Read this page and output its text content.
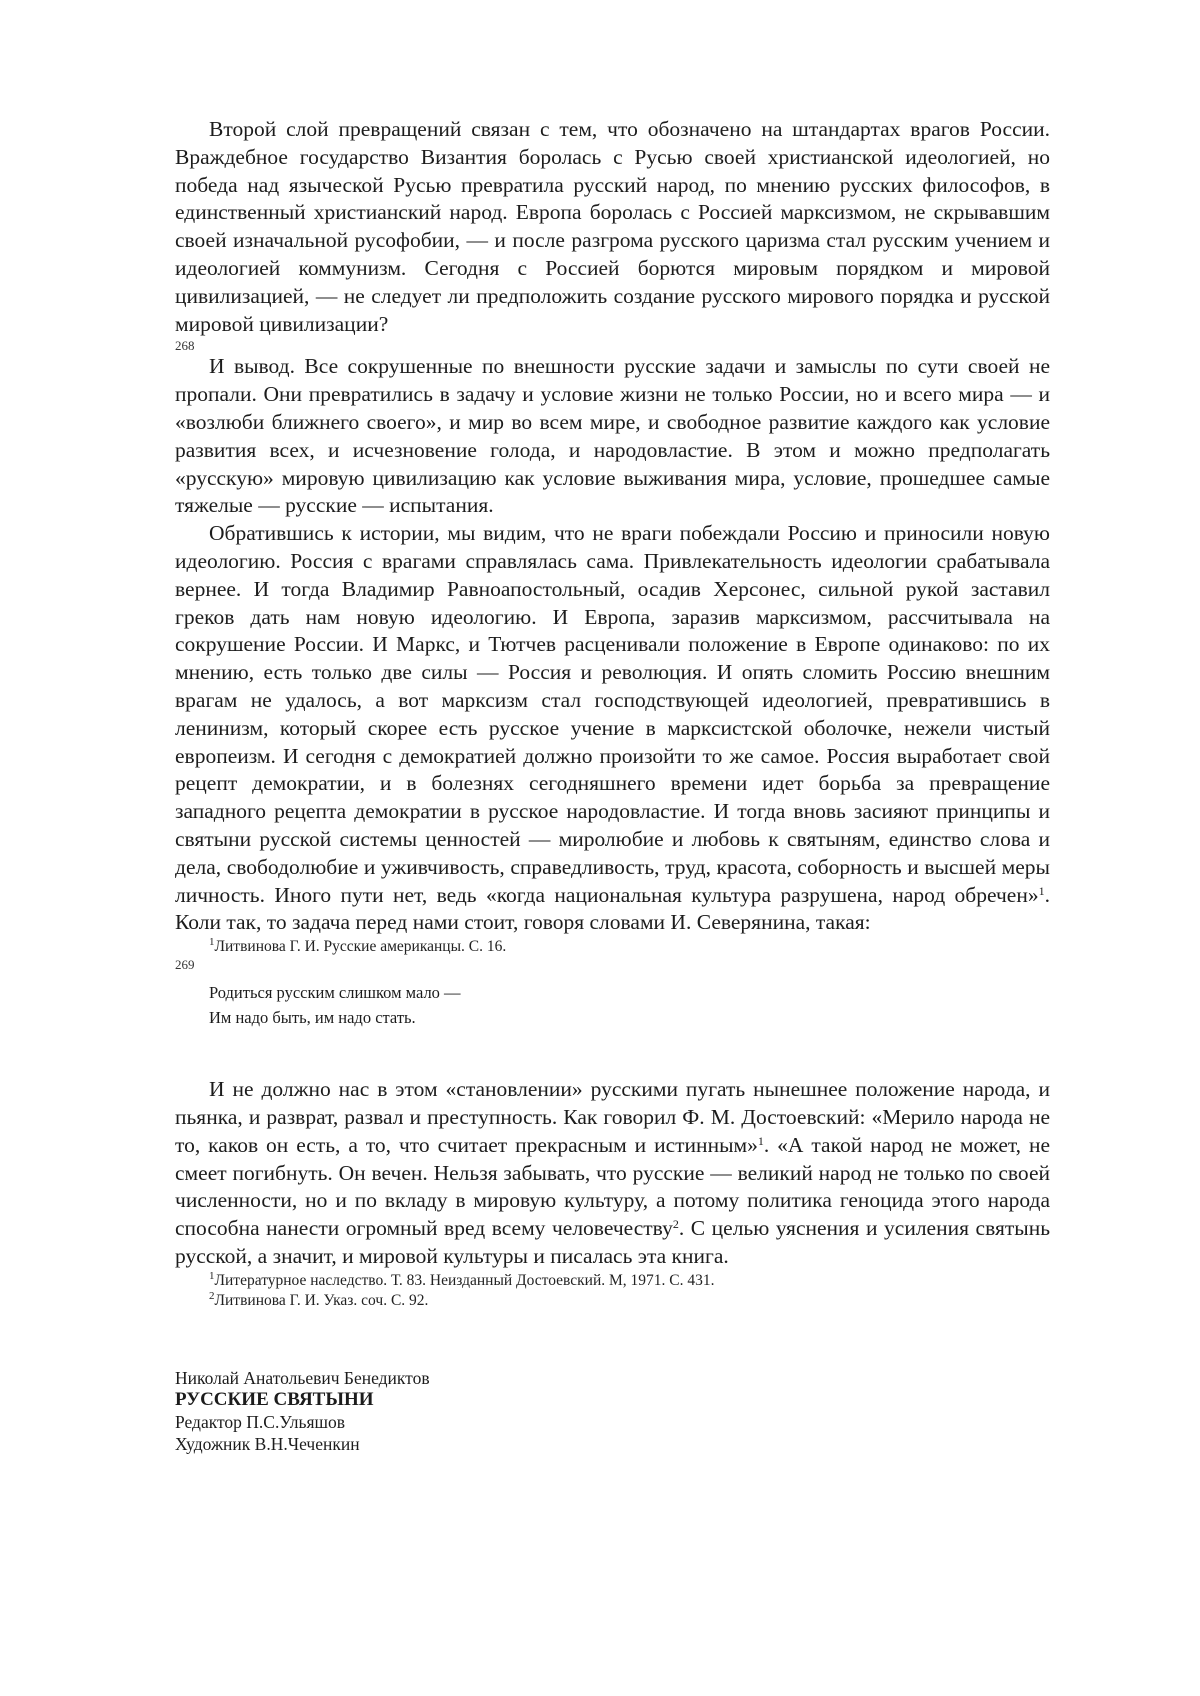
Второй слой превращений связан с тем, что обозначено на штандартах врагов России. Враждебное государство Византия боролась с Русью своей христианской идеологией, но победа над языческой Русью превратила русский народ, по мнению русских философов, в единственный христианский народ. Европа боролась с Россией марксизмом, не скрывавшим своей изначальной русофобии, — и после разгрома русского царизма стал русским учением и идеологией коммунизм. Сегодня с Россией борются мировым порядком и мировой цивилизацией, — не следует ли предположить создание русского мирового порядка и русской мировой цивилизации?

268

И вывод. Все сокрушенные по внешности русские задачи и замыслы по сути своей не пропали. Они превратились в задачу и условие жизни не только России, но и всего мира — и «возлюби ближнего своего», и мир во всем мире, и свободное развитие каждого как условие развития всех, и исчезновение голода, и народовластие. В этом и можно предполагать «русскую» мировую цивилизацию как условие выживания мира, условие, прошедшее самые тяжелые — русские — испытания.

Обратившись к истории, мы видим, что не враги побеждали Россию и приносили новую идеологию. Россия с врагами справлялась сама. Привлекательность идеологии срабатывала вернее. И тогда Владимир Равноапостольный, осадив Херсонес, сильной рукой заставил греков дать нам новую идеологию. И Европа, заразив марксизмом, рассчитывала на сокрушение России. И Маркс, и Тютчев расценивали положение в Европе одинаково: по их мнению, есть только две силы — Россия и революция. И опять сломить Россию внешним врагам не удалось, а вот марксизм стал господствующей идеологией, превратившись в ленинизм, который скорее есть русское учение в марксистской оболочке, нежели чистый европеизм. И сегодня с демократией должно произойти то же самое. Россия выработает свой рецепт демократии, и в болезнях сегодняшнего времени идет борьба за превращение западного рецепта демократии в русское народовластие. И тогда вновь засияют принципы и святыни русской системы ценностей — миролюбие и любовь к святыням, единство слова и дела, свободолюбие и уживчивость, справедливость, труд, красота, соборность и высшей меры личность. Иного пути нет, ведь «когда национальная культура разрушена, народ обречен»$^1$. Коли так, то задача перед нами стоит, говоря словами И. Северянина, такая:

$^1$Литвинова Г. И. Русские американцы. С. 16.

269

Родиться русским слишком мало —

Им надо быть, им надо стать.

И не должно нас в этом «становлении» русскими пугать нынешнее положение народа, и пьянка, и разврат, развал и преступность. Как говорил Ф. М. Достоевский: «Мерило народа не то, каков он есть, а то, что считает прекрасным и истинным»$^1$. «А такой народ не может, не смеет погибнуть. Он вечен. Нельзя забывать, что русские — великий народ не только по своей численности, но и по вкладу в мировую культуру, а потому политика геноцида этого народа способна нанести огромный вред всему человечеству$^2$. С целью уяснения и усиления святынь русской, а значит, и мировой культуры и писалась эта книга.

$^1$Литературное наследство. Т. 83. Неизданный Достоевский. М, 1971. С. 431.

$^2$Литвинова Г. И. Указ. соч. С. 92.

Николай Анатольевич Бенедиктов
РУССКИЕ СВЯТЫНИ
Редактор П.С.Ульяшов
Художник В.Н.Чеченкин
